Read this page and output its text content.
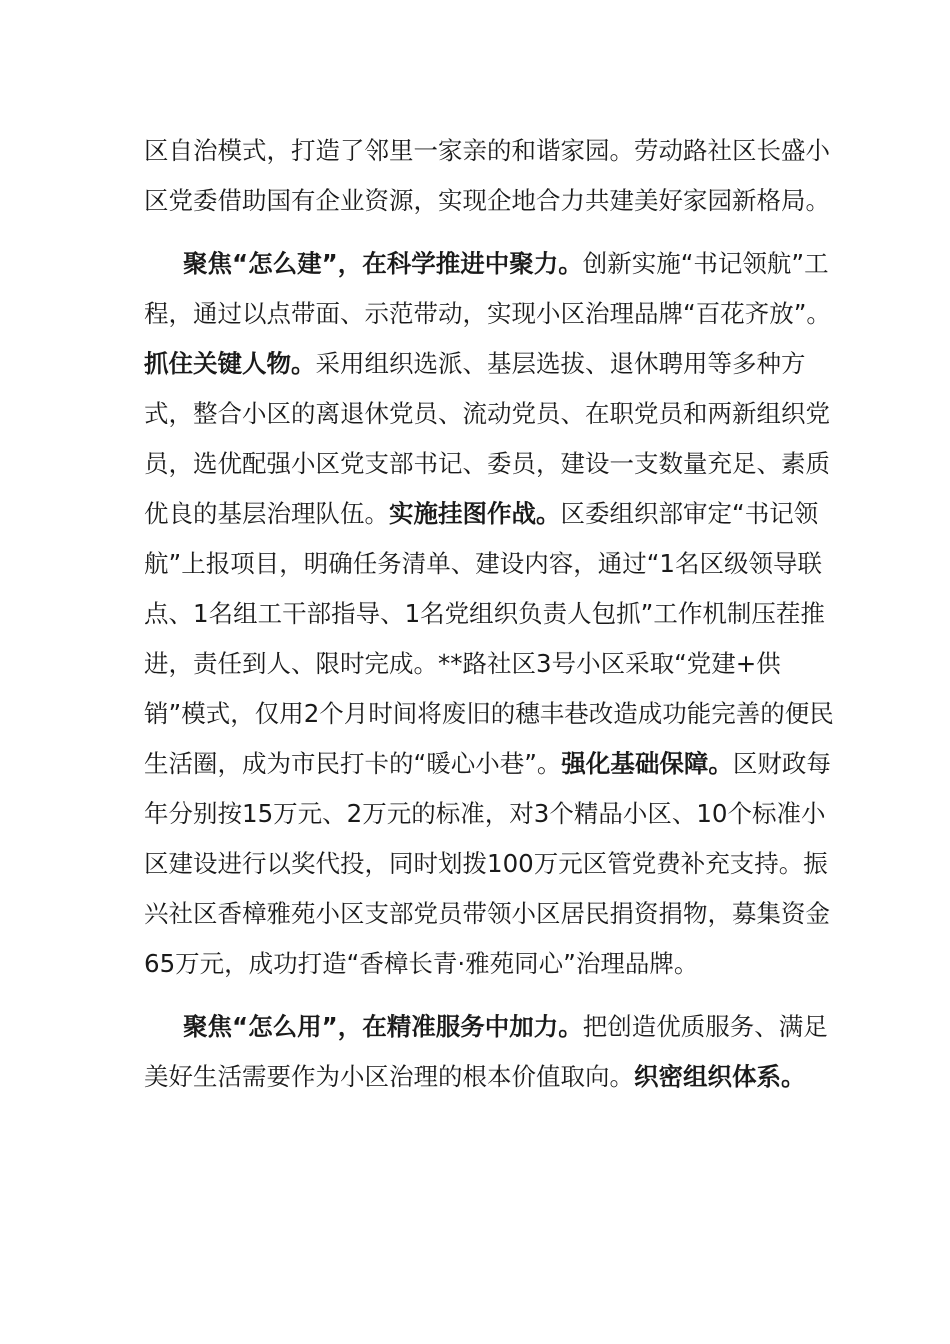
区自治模式，打造了邻里一家亲的和谐家园。劳动路社区长盛小区党委借助国有企业资源，实现企地合力共建美好家园新格局。

聚焦“怎么建”，在科学推进中聚力。创新实施“书记领航”工程，通过以点带面、示范带动，实现小区治理品牌“百花齐放”。抓住关键人物。采用组织选派、基层选拔、退休聘用等多种方式，整合小区的离退休党员、流动党员、在职党员和两新组织党员，选优配强小区党支部书记、委员，建设一支数量充足、素质优良的基层治理队伍。实施挂图作战。区委组织部审定“书记领航”上报项目，明确任务清单、建设内容，通过“1名区级领导联点、1名组工干部指导、1名党组织负责人包抓”工作机制压茬推进，责任到人、限时完成。**路社区3号小区采取“党建+供销”模式，仅用2个月时间将废旧的穗丰巷改造成功能完善的便民生活圈，成为市民打卡的“暖心小巷”。强化基础保障。区财政每年分别按15万元、2万元的标准，对3个精品小区、10个标准小区建设进行以奖代投，同时划拨100万元区管党费补充支持。振兴社区香樟雅苑小区支部党员带领小区居民捐资捐物，募集资金65万元，成功打造“香樟长青·雅苑同心”治理品牌。

聚焦“怎么用”，在精准服务中加力。把创造优质服务、满足美好生活需要作为小区治理的根本价值取向。织密组织体系。
